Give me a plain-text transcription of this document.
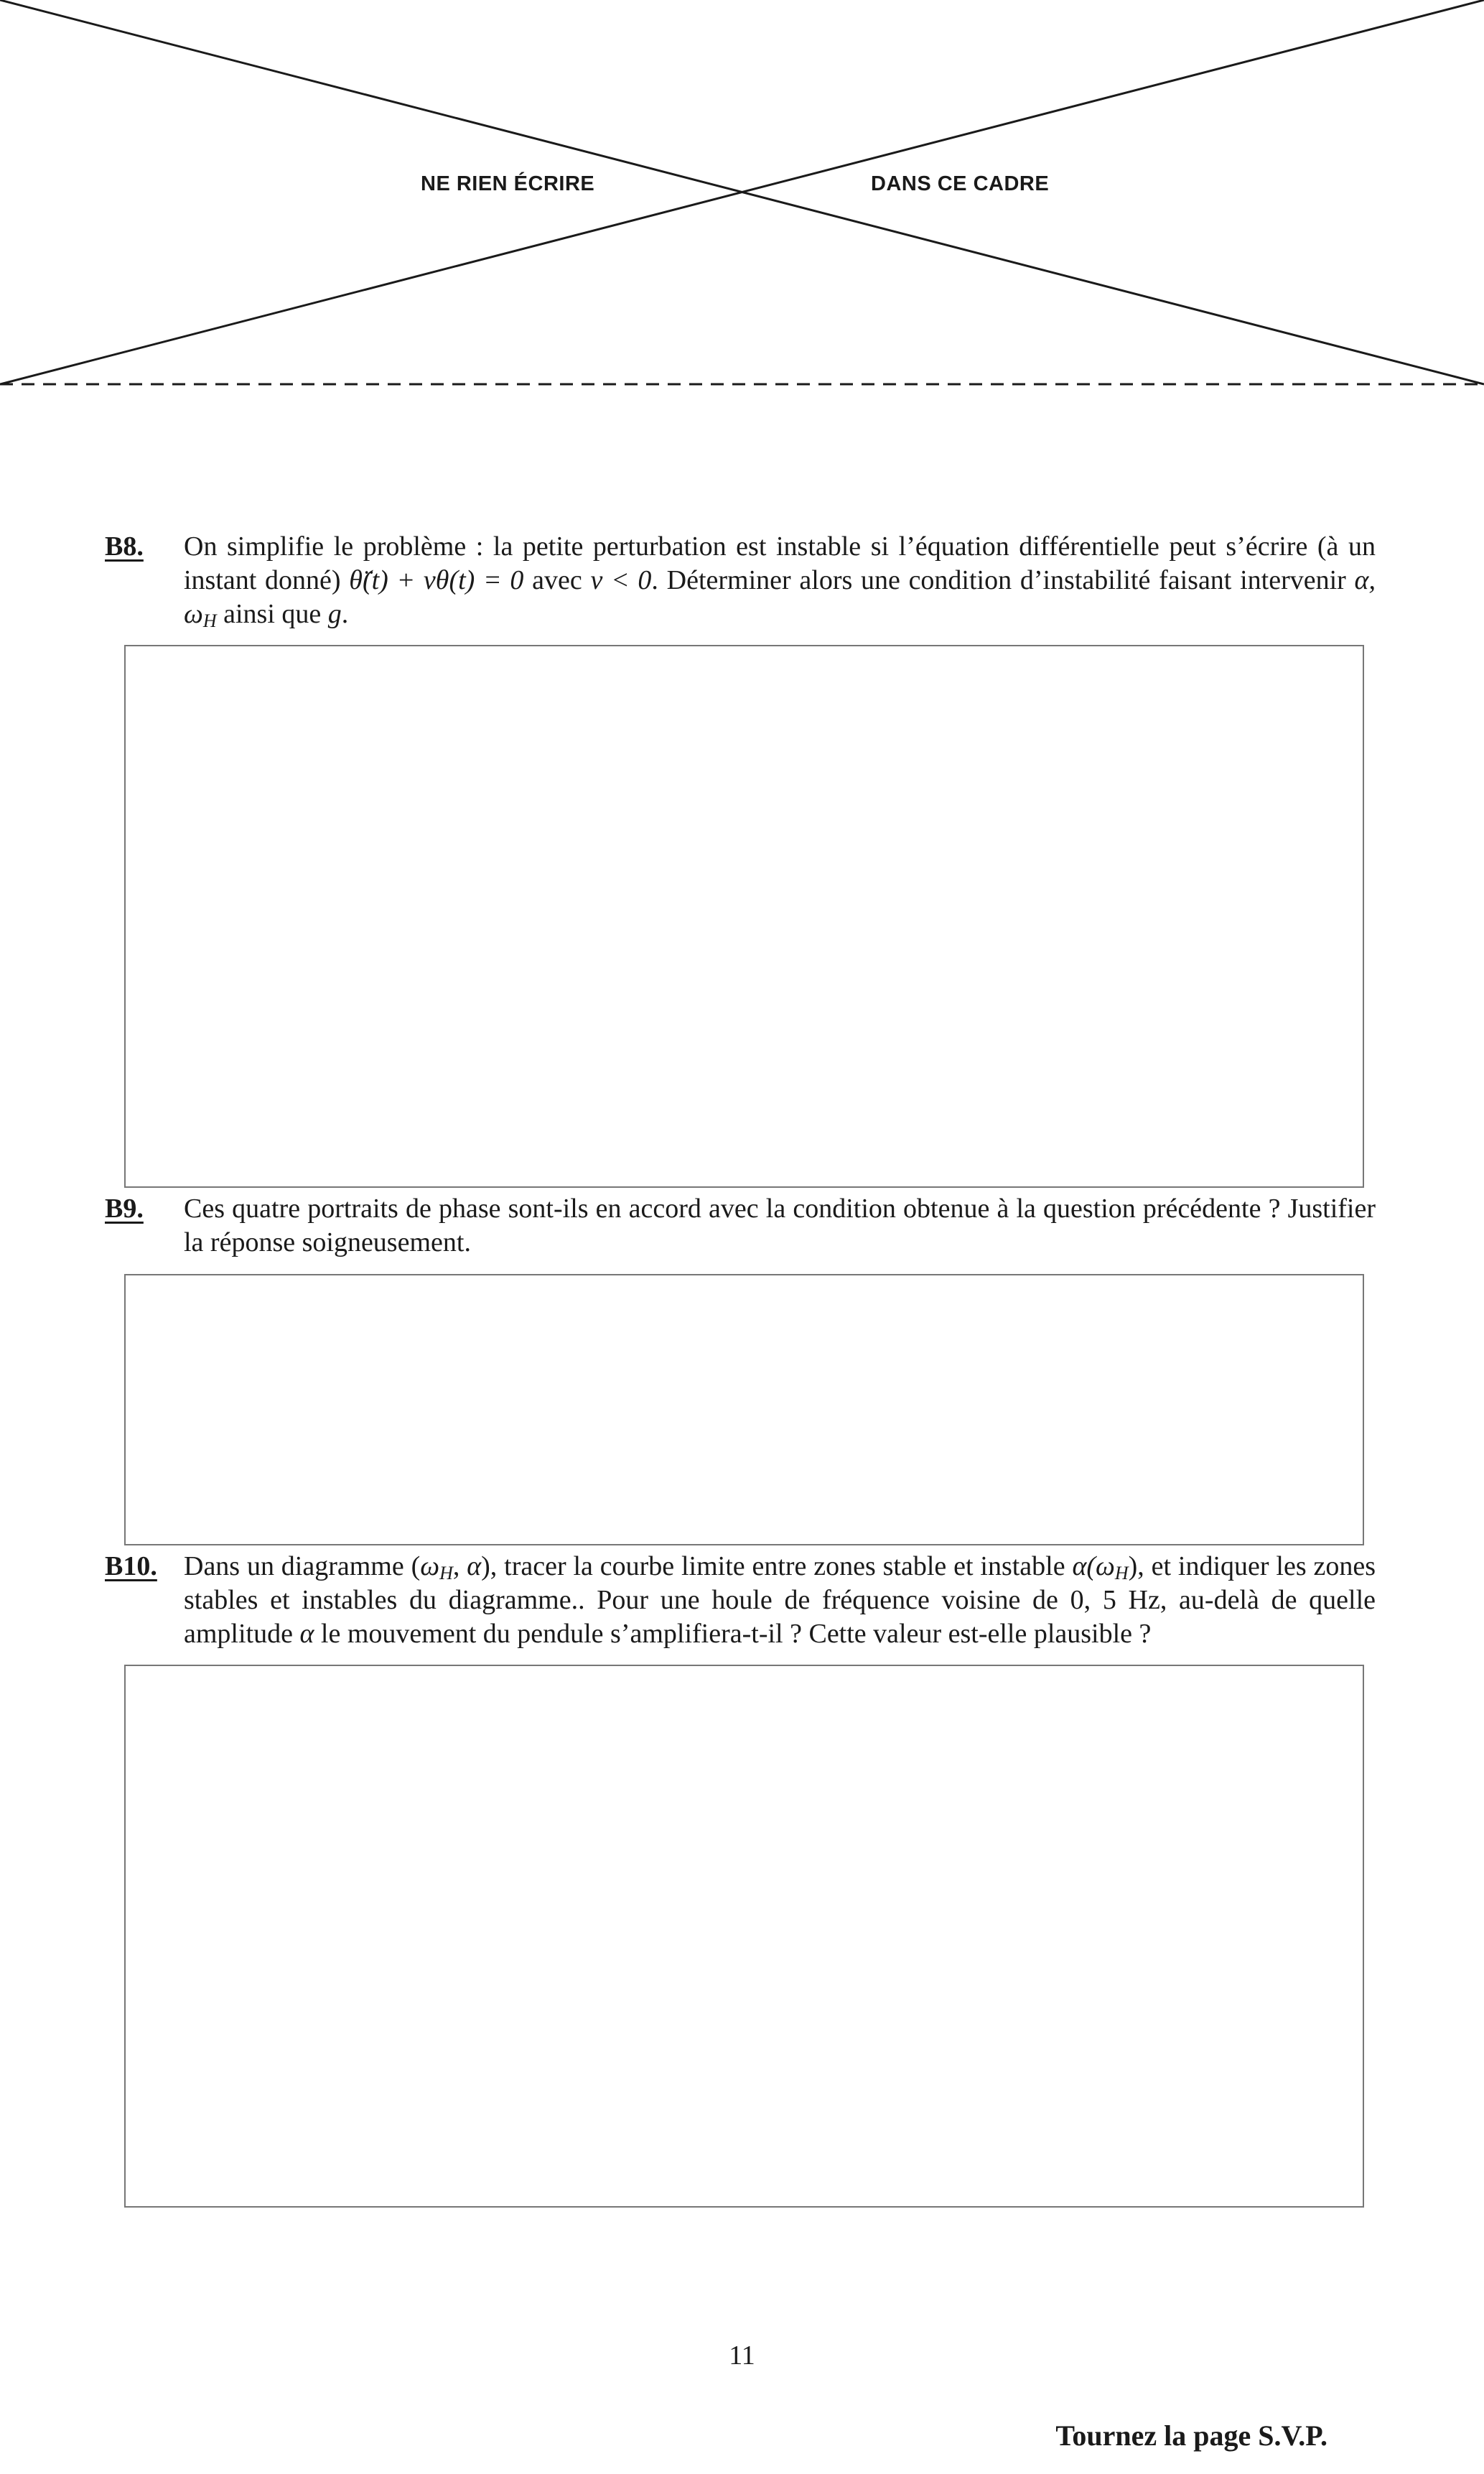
NE RIEN ÉCRIRE	DANS CE CADRE
B8. On simplifie le problème : la petite perturbation est instable si l’équation différentielle peut s’écrire (à un instant donné) θ̈(t) + νθ(t) = 0 avec ν < 0. Déterminer alors une condition d’instabilité faisant intervenir α, $\omega_H$ ainsi que g.
B9. Ces quatre portraits de phase sont-ils en accord avec la condition obtenue à la question précédente ? Justifier la réponse soigneusement.
B10. Dans un diagramme ($\omega_H$, α), tracer la courbe limite entre zones stable et instable $\alpha(\omega_H)$, et indiquer les zones stables et instables du diagramme.. Pour une houle de fréquence voisine de 0, 5 Hz, au-delà de quelle amplitude α le mouvement du pendule s’amplifiera-t-il ? Cette valeur est-elle plausible ?
11
Tournez la page S.V.P.
